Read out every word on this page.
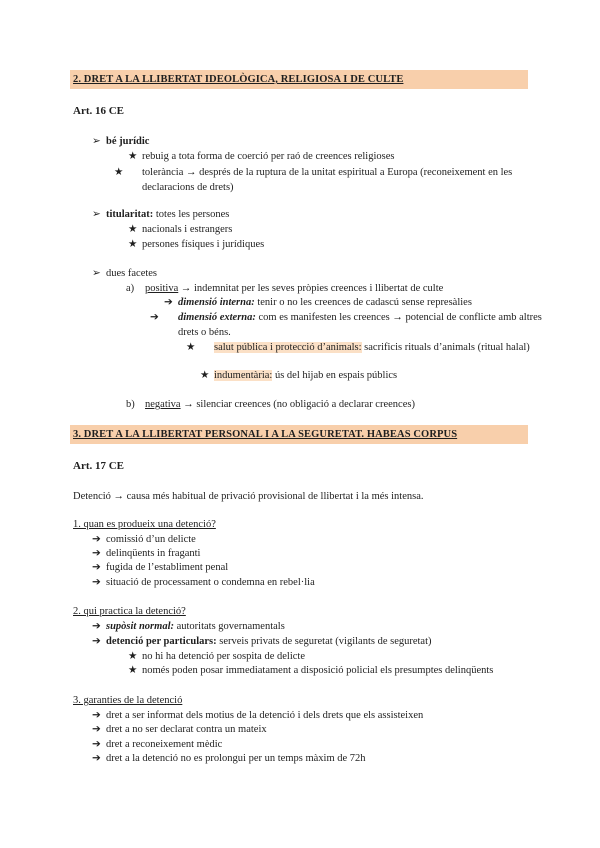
2. DRET A LA LLIBERTAT IDEOLÒGICA, RELIGIOSA I DE CULTE
Art. 16 CE
➢ bé jurídic
★ rebuig a tota forma de coerció per raó de creences religioses
★ tolerància → després de la ruptura de la unitat espiritual a Europa (reconeixement en les declaracions de drets)
➢ titularitat: totes les persones
★ nacionals i estrangers
★ persones físiques i jurídiques
➢ dues facetes
a) positiva → indemnitat per les seves pròpies creences i llibertat de culte
➔ dimensió interna: tenir o no les creences de cadascú sense represàlies
➔ dimensió externa: com es manifesten les creences → potencial de conflicte amb altres drets o béns.
★ salut pública i protecció d’animals: sacrificis rituals d’animals (ritual halal)
★ indumentària: ús del hijab en espais públics
b) negativa → silenciar creences (no obligació a declarar creences)
3. DRET A LA LLIBERTAT PERSONAL I A LA SEGURETAT. HABEAS CORPUS
Art. 17 CE
Detenció → causa més habitual de privació provisional de llibertat i la més intensa.
1. quan es produeix una detenció?
➔ comissió d’un delicte
➔ delinqüents in fraganti
➔ fugida de l’establiment penal
➔ situació de processament o condemna en rebel·lia
2. qui practica la detenció?
➔ supòsit normal: autoritats governamentals
➔ detenció per particulars: serveis privats de seguretat (vigilants de seguretat)
★ no hi ha detenció per sospita de delicte
★ només poden posar immediatament a disposició policial els presumptes delinqüents
3. garanties de la detenció
➔ dret a ser informat dels motius de la detenció i dels drets que els assisteixen
➔ dret a no ser declarat contra un mateix
➔ dret a reconeixement mèdic
➔ dret a la detenció no es prolongui per un temps màxim de 72h
